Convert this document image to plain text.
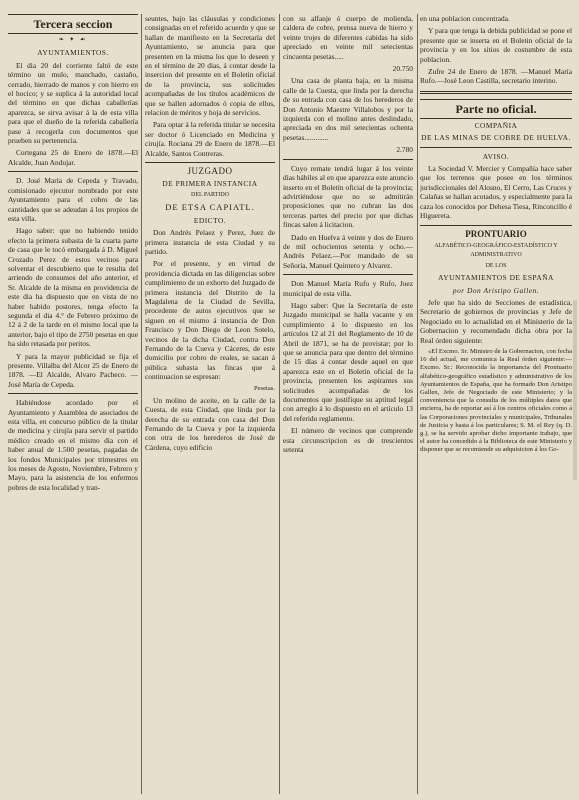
Tercera seccion
❧ ✦ ☙
AYUNTAMIENTOS.

El dia 20 del corriente faltó de este término un mulo, manchado, castaño, cerrado, hierrado de manos y con hierro en el hocico; y se suplica á la autoridad local del término en que dichas caballerías aparezca, se sirva avisar á la de esta villa para que el dueño de la referida caballería pase á recogerla con documentos que prueben su pertenencia.

Cortegana 25 de Enero de 1878.—El Alcalde, Juan Andujar.

D. José María de Cepeda y Travado, comisionado ejecutor nombrado por este Ayuntamiento para el cobro de las cantidades que se adeudan á los propios de esta villa.

Hago saber: que no habiendo tenido efecto la primera subasta de la cuarta parte de casa que le tocó embargada á D. Miguel Crozado Perez de estos vecinos para solventar el descubierto que le resulta del arriendo de consumos del año anterior, el Sr. Alcalde de la misma en providencia de este dia ha dispuesto que en vista de no haber habido postores, tenga efecto la segunda el dia 4.° de Febrero próximo de 12 á 2 de la tarde en el mismo local que la anterior, bajo el tipo de 2750 pesetas en que ha sido retasada por peritos.

Y para la mayor publicidad se fija el presente. Villalba del Alcor 25 de Enero de 1878. —El Alcalde, Alvaro Pacheco. —José María de Cepeda.

Habiéndose acordado por el Ayuntamiento y Asamblea de asociados de esta villa, en concurso público de la titular de medicina y cirujía para servir el partido médico creado en el mismo dia con el haber anual de 1.500 pesetas, pagadas de los fondos Municipales por trimestres en los meses de Agosto, Noviembre, Febrero y Mayo, para la asistencia de los enfermos pobres de esta localidad y tran-

seuntes, bajo las cláusulas y condiciones consignadas en el referido acuerdo y que se hallan de manifiesto en la Secretaría del Ayuntamiento, se anuncia para que presenten en la misma los que lo deseen y en el término de 20 dias, á contar desde la insercion del presente en el Boletin oficial de la provincia, sus solicitudes acompañadas de los títulos académicos de que se hallen adornados ó copia de ellos, relacion de méritos y hoja de servicios.

Para optar á la referida titular se necesita ser doctor ó Licenciado en Medicina y cirujía. Rociana 29 de Enero de 1878.—El Alcalde, Santos Contreras.

JUZGADO
DE PRIMERA INSTANCIA
DEL PARTIDO
DE ETSA CAPIATL.
EDICTO.

Don Andrés Pelaez y Perez, Juez de primera instancia de esta Ciudad y su partido.

Por el presente, y en virtud de providencia dictada en las diligencias sobre cumplimiento de un exhorto del Juzgado de primera instancia del Distrito de la Magdalena de la Ciudad de Sevilla, procedente de autos ejecutivos que se siguen en el mismo á instancia de Don Francisco y Don Diego de Leon Sotelo, vecinos de la dicha Ciudad, contra Don Fernando de la Cueva y Cáceres, de este domicilio por cobro de reales, se sacan á pública subasta las fincas que á continuacion se espresan:

Pesetas.

Un molino de aceite, en la calle de la Cuesta, de esta Ciudad, que linda por la derecha de su entrada con casa del Don Fernando de la Cueva y por la izquierda con otra de los herederos de José de Cárdena, cuyo edificio

con su alfanje ó cuerpo de molienda, caldera de cobre, prensa nueva de hierro y veinte trojes de diferentes cabidas ha sido apreciado en veinte mil setecientas cincuenta pesetas.....

20.750

Una casa de planta baja, en la misma calle de la Cuesta, que linda por la derecha de su entrada con casa de los herederos de Don Antonio Maestre Villalobos y por la izquierda con el molino antes deslindado, apreciada en dos mil setecientas ochenta pesetas.............

2.780

Cuyo remate tendrá lugar á los veinte dias hábiles al en que aparezca este anuncio inserto en el Boletín oficial de la provincia; advirtiéndose que no se admitirán proposiciones que no cubran las dos terceras partes del precio por que dichas fincas salen á licitacion.

Dado en Huelva á veinte y dos de Enero de mil ochocientos setenta y ocho.—Andrés Pelaez.—Por mandado de su Señoría, Manuel Quintero y Alvarez.

Don Manuel María Rufo y Rufo, Juez municipal de esta villa.

Hago saber: Que la Secretaría de este Juzgado municipal se halla vacante y en cumplimiento á lo dispuesto en los artículos 12 al 21 del Reglamento de 10 de Abril de 1871, se ha de provistar; por lo que se anuncia para que dentro del término de 15 días á contar desde aquel en que aparezca este en el Boletín oficial de la provincia, presenten los aspirantes sus solicitudes acompañadas de los documentos que justifique su aptitud legal con arreglo á lo dispuesto en el artículo 13 del referido reglamento.

El número de vecinos que comprende esta circunscripcion es de trescientos setenta

en una poblacion concentrada.

Y para que tenga la debida publicidad se pone el presente que se inserta en el Boletin oficial de la provincia y en los sitios de costumbre de esta poblacion.

Zufre 24 de Enero de 1878. —Manuel María Rufo.—José Leon Castilla, secretario interino.

Parte no oficial.
COMPAÑIA
DE LAS MINAS DE COBRE DE HUELVA.
AVISO.

La Sociedad V. Mercier y Compañía hace saber que los terrenos que posee en los términos jurisdiccionales del Alosno, El Cerro, Las Cruces y Calañas se hallan acotados, y especialmente para la caza los conocidos por Dehesa Tiesa, Rinconcillo é Higuereta.

PRONTUARIO
ALFABÉTICO-GEOGRÁFICO-ESTADÍSTICO Y ADMINISTRATIVO
DE LOS
AYUNTAMIENTOS DE ESPAÑA
por Don Aristipo Gallen.

Jefe que ha sido de Secciones de estadística, Secretario de gobiernos de provincias y Jefe de Negociado en lo actualidad en el Ministerio de la Gobernacion y recomendado dicha obra por la Real órden siguiente:

«El Excmo. Sr. Ministro de la Gobernacion, con fecha 16 del actual, me comunica la Real órden siguiente:—Excmo. Sr.: Reconocida la importancia del Prontuario alfabético-geográfico estadístico y administrativo de los Ayuntamientos de España, que ha formado Don Aristipo Gallen, Jefe de Negociado de este Ministerio; y la conveniencia que la consulta de los múltiples datos que encierra, ha de reportar así á los centros oficiales como á las Corporaciones provinciales y municipales, Tribunales de Justicia y hasta á los particulares; S. M. el Rey (q. D. g.), se ha servido aprobar dicho importante trabajo, que el autor ha concedido á la Biblioteca de este Ministerio y disponer que se recomiende su adquisicion á los Go-
